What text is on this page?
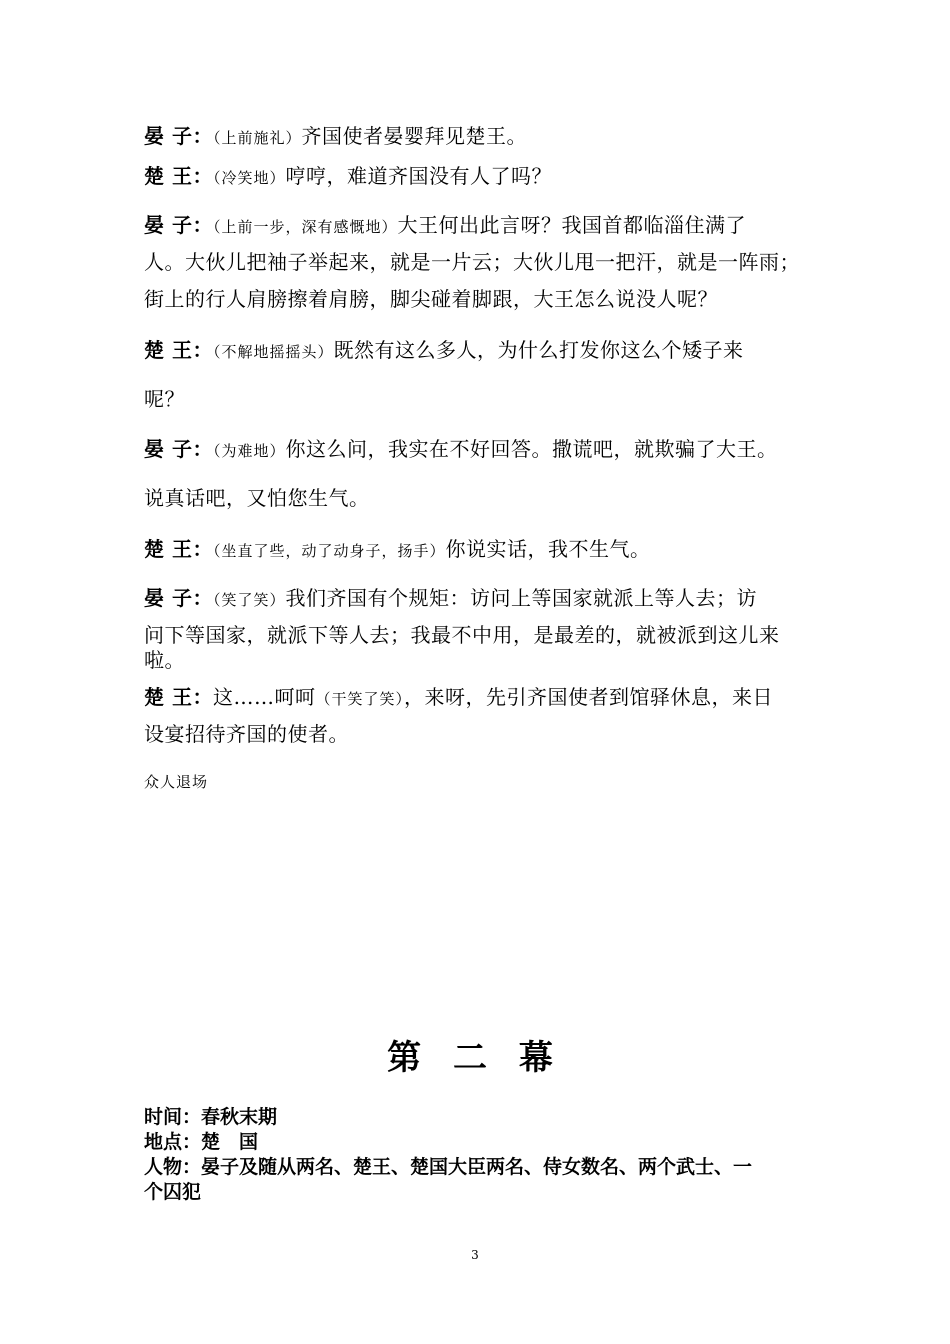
晏 子：（上前施礼）齐国使者晏婴拜见楚王。
楚 王：（冷笑地）哼哼，难道齐国没有人了吗？
晏 子：（上前一步，深有感慨地）大王何出此言呀？我国首都临淄住满了
人。大伙儿把袖子举起来，就是一片云；大伙儿甩一把汗，就是一阵雨；
街上的行人肩膀擦着肩膀，脚尖碰着脚跟，大王怎么说没人呢？
楚 王：（不解地摇摇头）既然有这么多人，为什么打发你这么个矮子来
呢？
晏 子：（为难地）你这么问，我实在不好回答。撒谎吧，就欺骗了大王。
说真话吧，又怕您生气。
楚 王：（坐直了些，动了动身子，扬手）你说实话，我不生气。
晏 子：（笑了笑）我们齐国有个规矩：访问上等国家就派上等人去；访
问下等国家，就派下等人去；我最不中用，是最差的，就被派到这儿来
啦。
楚 王：这……呵呵（干笑了笑），来呀，先引齐国使者到馆驿休息，来日
设宴招待齐国的使者。
众人退场
第 二 幕
时间：春秋末期
地点：楚　国
人物：晏子及随从两名、楚王、楚国大臣两名、侍女数名、两个武士、一
个囚犯
3
